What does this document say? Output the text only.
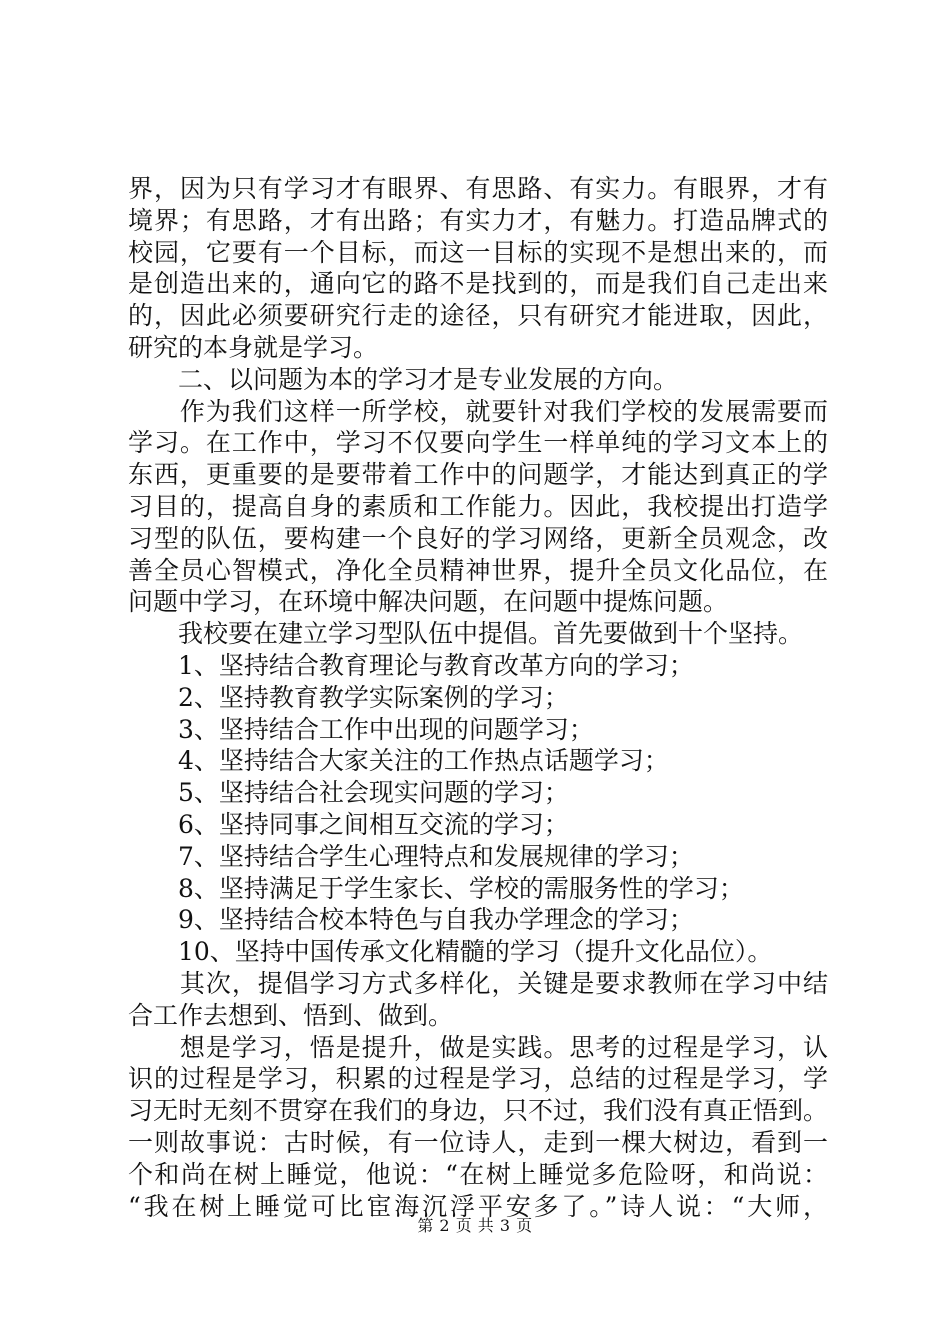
界，因为只有学习才有眼界、有思路、有实力。有眼界，才有
境界；有思路，才有出路；有实力才，有魅力。打造品牌式的
校园，它要有一个目标，而这一目标的实现不是想出来的，而
是创造出来的，通向它的路不是找到的，而是我们自己走出来
的，因此必须要研究行走的途径，只有研究才能进取，因此，
研究的本身就是学习。
　　二、以问题为本的学习才是专业发展的方向。
　　作为我们这样一所学校，就要针对我们学校的发展需要而
学习。在工作中，学习不仅要向学生一样单纯的学习文本上的
东西，更重要的是要带着工作中的问题学，才能达到真正的学
习目的，提高自身的素质和工作能力。因此，我校提出打造学
习型的队伍，要构建一个良好的学习网络，更新全员观念，改
善全员心智模式，净化全员精神世界，提升全员文化品位，在
问题中学习，在环境中解决问题，在问题中提炼问题。
　　我校要在建立学习型队伍中提倡。首先要做到十个坚持。
　　1、坚持结合教育理论与教育改革方向的学习；
　　2、坚持教育教学实际案例的学习；
　　3、坚持结合工作中出现的问题学习；
　　4、坚持结合大家关注的工作热点话题学习；
　　5、坚持结合社会现实问题的学习；
　　6、坚持同事之间相互交流的学习；
　　7、坚持结合学生心理特点和发展规律的学习；
　　8、坚持满足于学生家长、学校的需服务性的学习；
　　9、坚持结合校本特色与自我办学理念的学习；
　　10、坚持中国传承文化精髓的学习（提升文化品位）。
　　其次，提倡学习方式多样化，关键是要求教师在学习中结
合工作去想到、悟到、做到。
　　想是学习，悟是提升，做是实践。思考的过程是学习，认
识的过程是学习，积累的过程是学习，总结的过程是学习，学
习无时无刻不贯穿在我们的身边，只不过，我们没有真正悟到。
一则故事说：古时候，有一位诗人，走到一棵大树边，看到一
个和尚在树上睡觉，他说：“在树上睡觉多危险呀，和尚说：
“我在树上睡觉可比宦海沉浮平安多了。”诗人说：“大师，
第 2 页 共 3 页
